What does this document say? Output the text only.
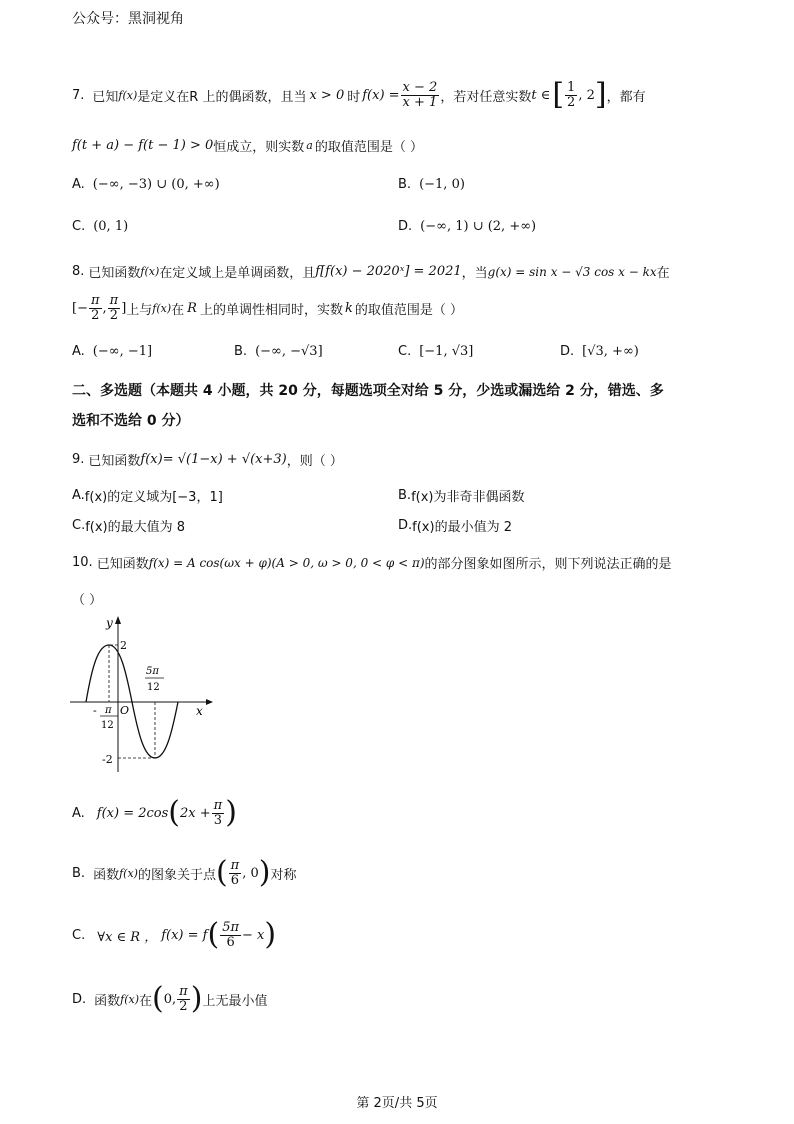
公众号：黑洞视角
7. 已知 f(x) 是定义在R 上的偶函数，且当 x > 0 时 $f(x) = \frac{x - 2}{x + 1}$ ，若对任意实数 t ∈ [ $\frac{1}{2}$ , 2 ] ，都有
f(t + a) − f(t − 1) > 0 恒成立，则实数 a 的取值范围是（ ）
A. (−∞, −3) ∪ (0, +∞)	B. (−1, 0)
C. (0, 1)	D. (−∞, 1) ∪ (2, +∞)
8. 已知函数 f(x) 在定义域上是单调函数，且 f[f(x) − 2020ˣ] = 2021 ，当 g(x) = sin x − √3 cos x − kx 在
[− $\frac{\pi}{2}$ , $\frac{\pi}{2}$ ] 上与 f(x) 在 R 上的单调性相同时，实数 k 的取值范围是（ ）
A. (−∞, −1]	B. (−∞, −√3]	C. [−1, √3]	D. [√3, +∞)
二、多选题（本题共 4 小题，共 20 分，每题选项全对给 5 分，少选或漏选给 2 分，错选、多
选和不选给 0 分）
9. 已知函数 f(x)= √(1−x) + √(x+3) ，则（ ）
A. f(x)的定义域为[−3，1]	B. f(x)为非奇非偶函数
C. f(x)的最大值为 8	D. f(x)的最小值为 2
10. 已知函数 f(x) = A cos(ωx + φ)(A > 0, ω > 0, 0 < φ < π) 的部分图象如图所示，则下列说法正确的是
（ ）
y
x
O
2
-2
- π
12
5π
12
A. f(x) = 2cos ( $2x + \frac{\pi}{3}$ )
B. 函数 f(x) 的图象关于点 ( $\frac{\pi}{6}$ , 0 ) 对称
C. ∀x ∈ R ， f(x) = f ( $\frac{5\pi}{6} - x$ )
D. 函数 f(x) 在 ( 0, $\frac{\pi}{2}$ ) 上无最小值
第 2页/共 5页
